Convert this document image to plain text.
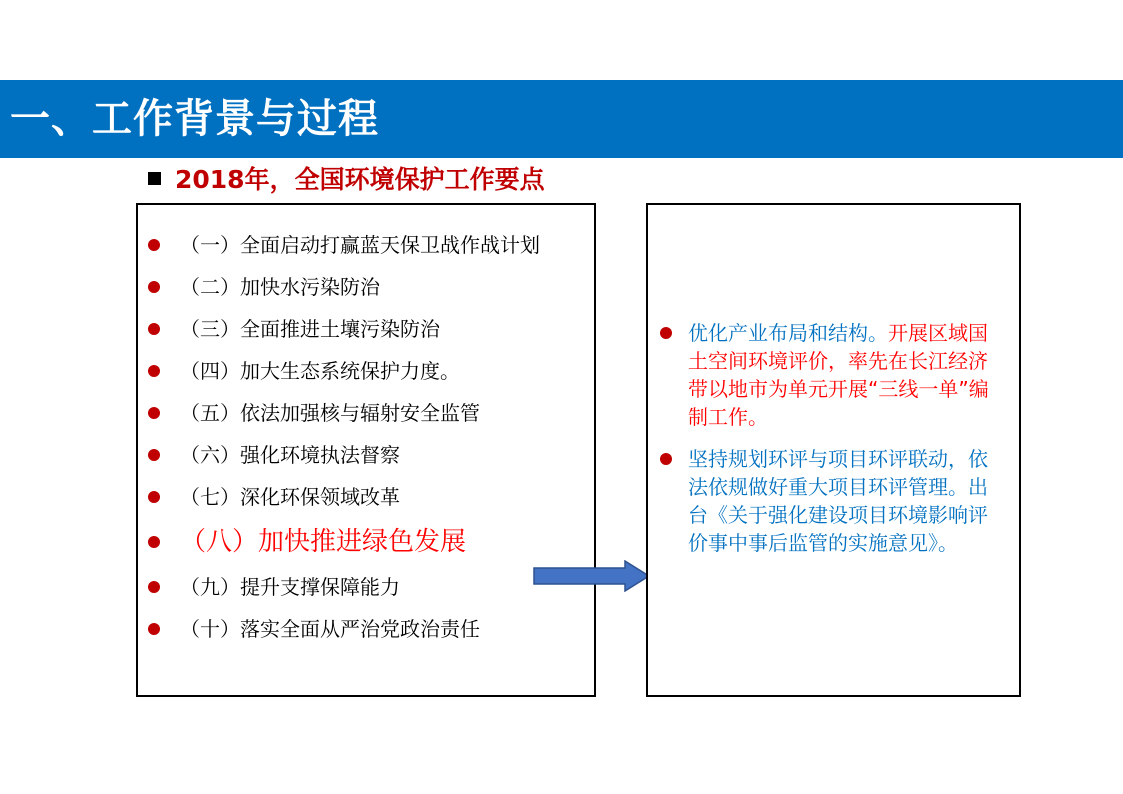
一、工作背景与过程
2018年，全国环境保护工作要点
（一）全面启动打赢蓝天保卫战作战计划
（二）加快水污染防治
（三）全面推进土壤污染防治
（四）加大生态系统保护力度。
（五）依法加强核与辐射安全监管
（六）强化环境执法督察
（七）深化环保领域改革
（八）加快推进绿色发展
（九）提升支撑保障能力
（十）落实全面从严治党政治责任
优化产业布局和结构。开展区域国土空间环境评价，率先在长江经济带以地市为单元开展“三线一单”编制工作。
坚持规划环评与项目环评联动，依法依规做好重大项目环评管理。出台《关于强化建设项目环境影响评价事中事后监管的实施意见》。
